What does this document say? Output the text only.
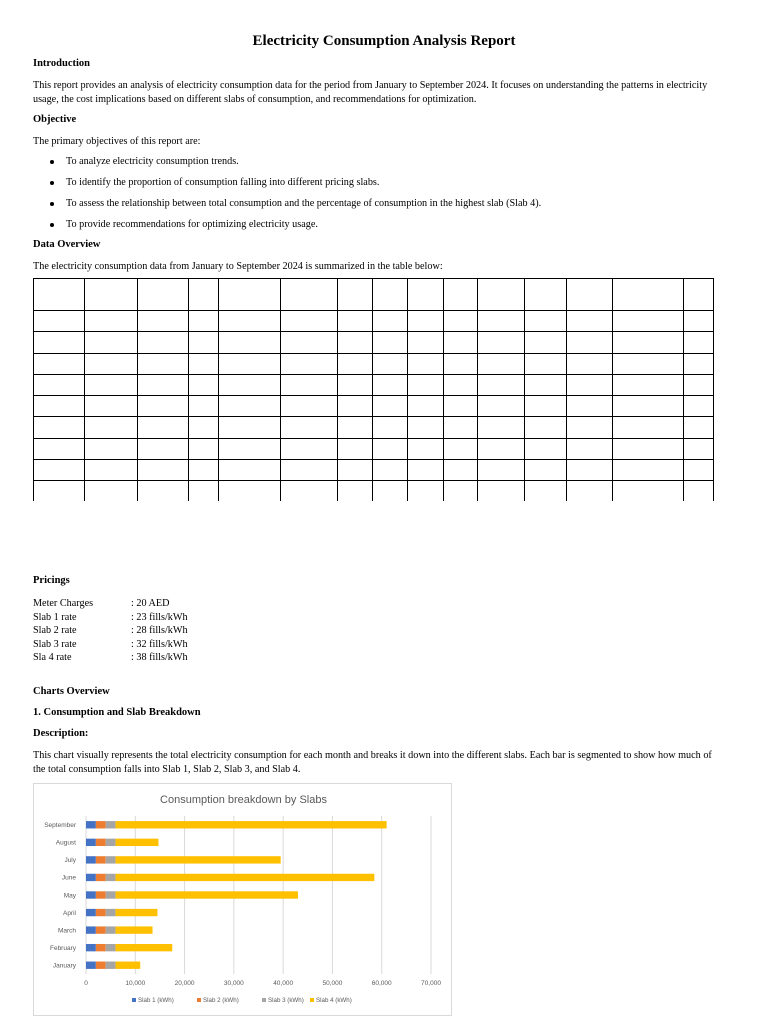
Electricity Consumption Analysis Report
Introduction

This report provides an analysis of electricity consumption data for the period from January to September 2024. It focuses on understanding the patterns in electricity usage, the cost implications based on different slabs of consumption, and recommendations for optimization.

Objective

The primary objectives of this report are:

To analyze electricity consumption trends.
To identify the proportion of consumption falling into different pricing slabs.
To assess the relationship between total consumption and the percentage of consumption in the highest slab (Slab 4).
To provide recommendations for optimizing electricity usage.
Data Overview

The electricity consumption data from January to September 2024 is summarized in the table below:

Pricings
Meter Charges	: 20 AED
Slab 1 rate	: 23 fills/kWh
Slab 2 rate	: 28 fills/kWh
Slab 3 rate	: 32 fills/kWh
Sla 4 rate	: 38 fills/kWh
Charts Overview
1. Consumption and Slab Breakdown
Description:

This chart visually represents the total electricity consumption for each month and breaks it down into the different slabs. Each bar is segmented to show how much of the total consumption falls into Slab 1, Slab 2, Slab 3, and Slab 4.

Consumption breakdown by Slabs
0	10,000	20,000	30,000	40,000	50,000	60,000	70,000
January
February
March
April
May
June
July
August
September
Slab 1 (kWh)	Slab 2 (kWh)	Slab 3 (kWh) Slab 4 (kWh)
